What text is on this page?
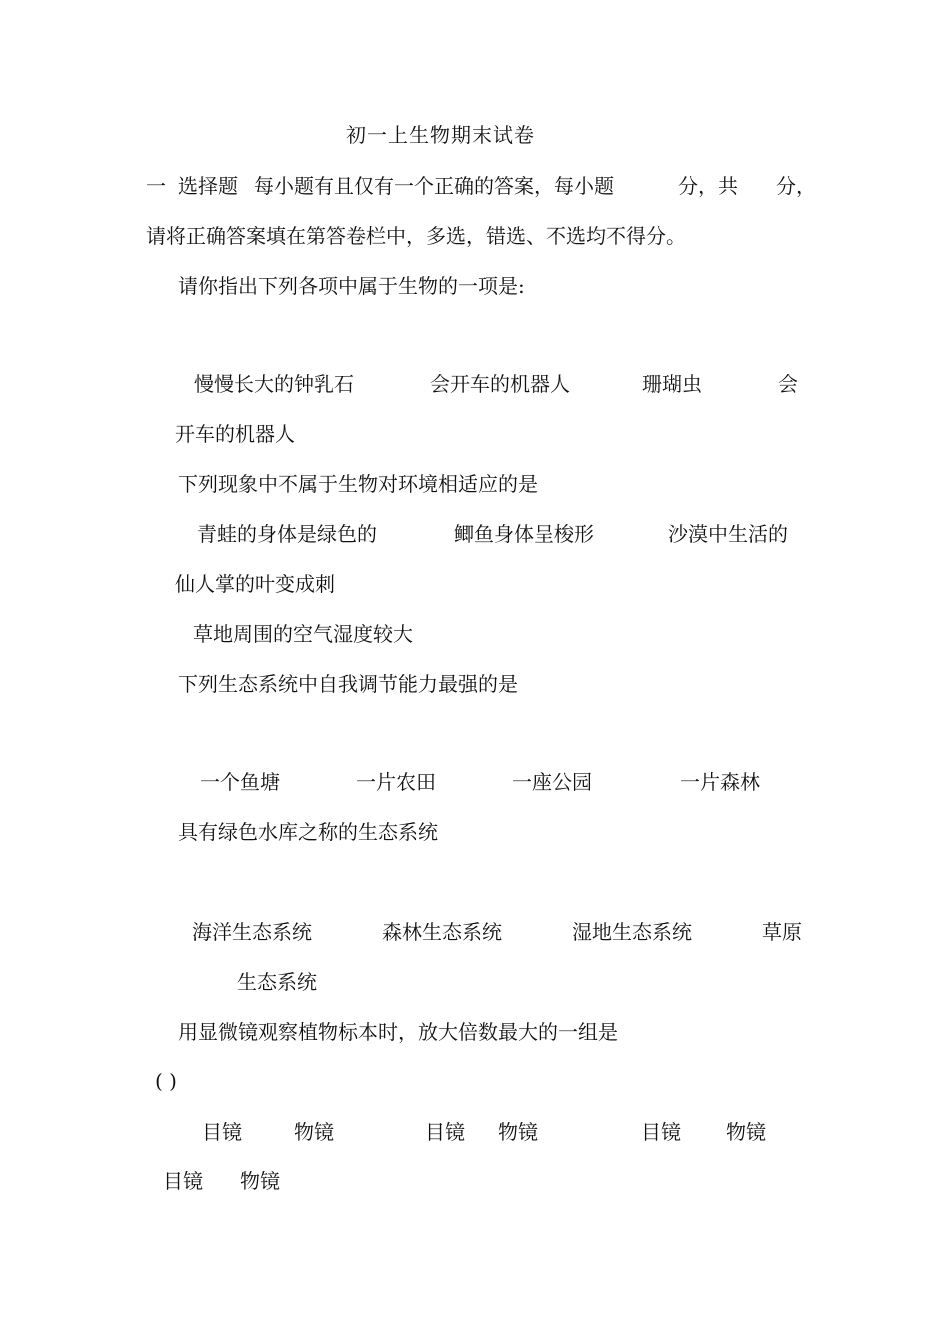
初一上生物期末试卷
一 选择题 每小题有且仅有一个正确的答案，每小题	分，共 分，
请将正确答案填在第答卷栏中，多选，错选、不选均不得分。
请你指出下列各项中属于生物的一项是:
慢慢长大的钟乳石	会开车的机器人	珊瑚虫	会
开车的机器人
下列现象中不属于生物对环境相适应的是
青蛙的身体是绿色的	鲫鱼身体呈梭形	沙漠中生活的
仙人掌的叶变成刺
草地周围的空气湿度较大
下列生态系统中自我调节能力最强的是
一个鱼塘	一片农田	一座公园	一片森林
具有绿色水库之称的生态系统
海洋生态系统	森林生态系统	湿地生态系统	草原
生态系统
用显微镜观察植物标本时，放大倍数最大的一组是
( )
目镜	物镜	目镜 物镜	目镜 物镜
目镜 物镜
